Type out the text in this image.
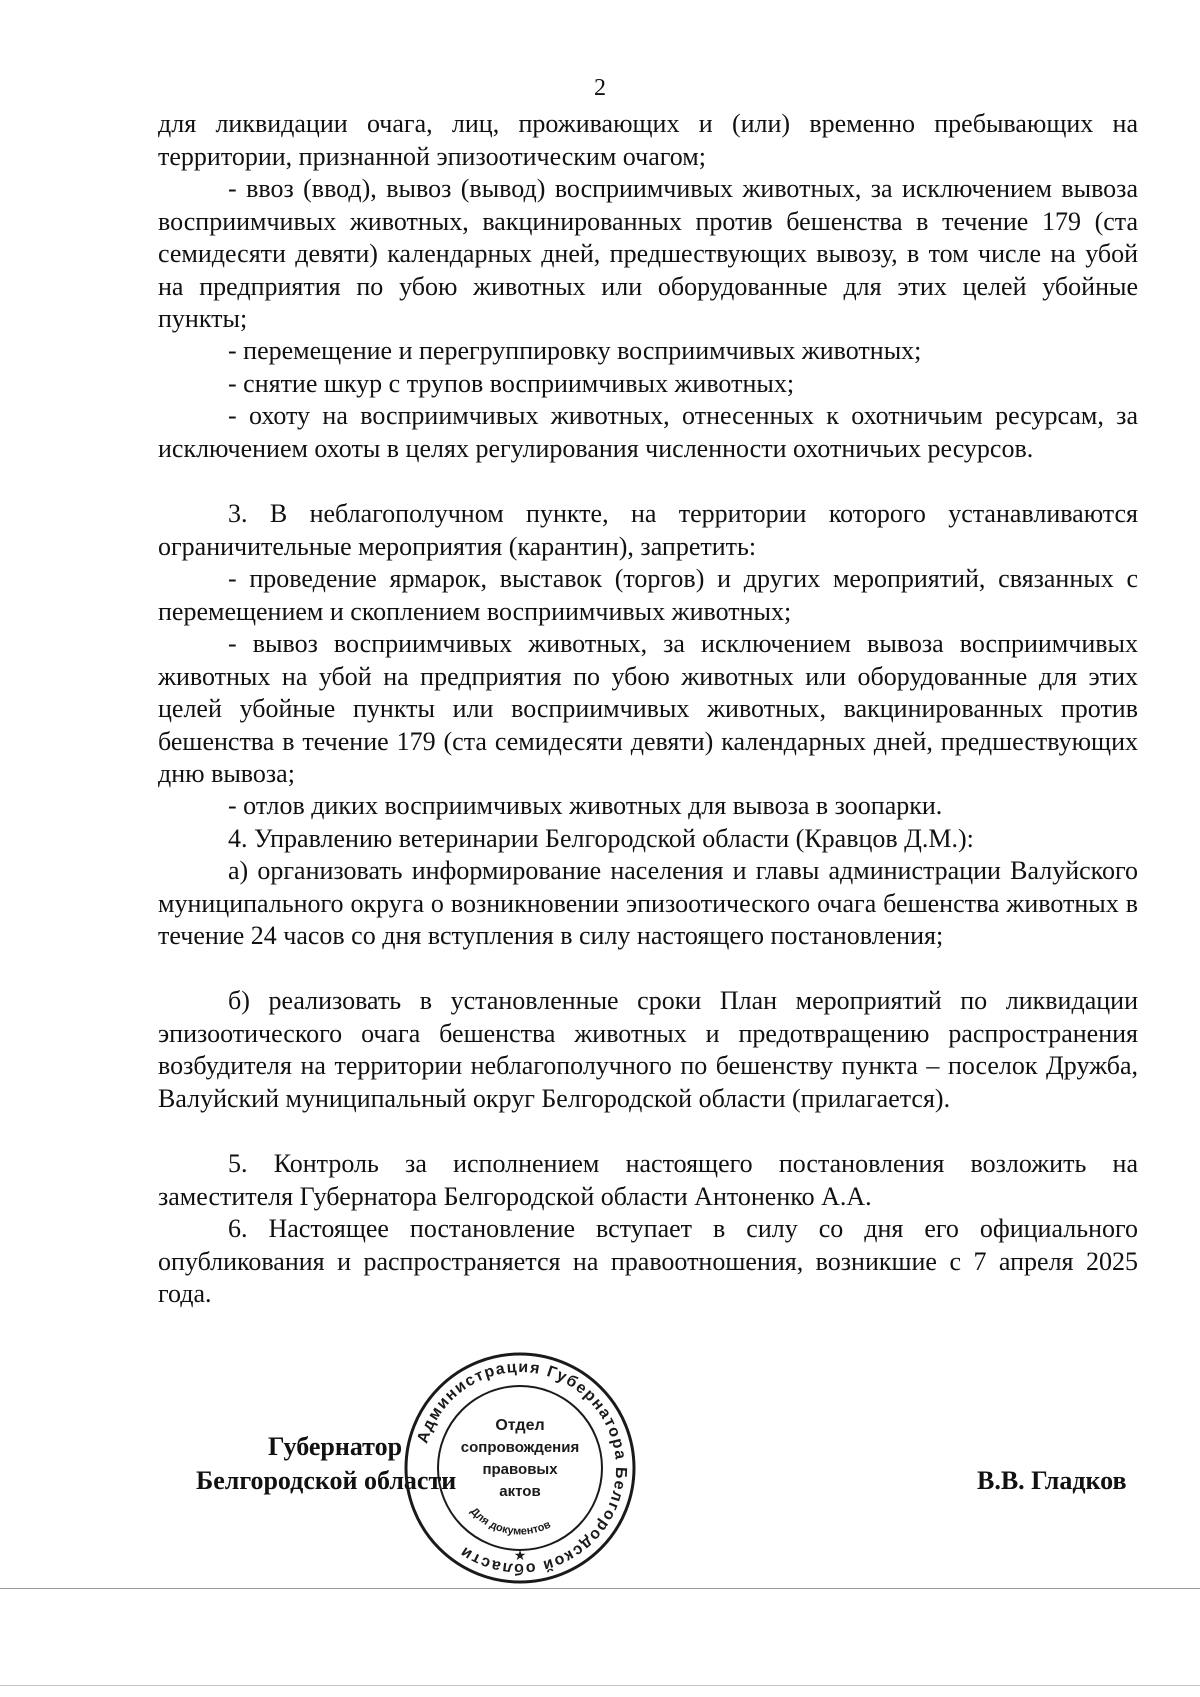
2
для ликвидации очага, лиц, проживающих и (или) временно пребывающих на территории, признанной эпизоотическим очагом;
- ввоз (ввод), вывоз (вывод) восприимчивых животных, за исключением вывоза восприимчивых животных, вакцинированных против бешенства в течение 179 (ста семидесяти девяти) календарных дней, предшествующих вывозу, в том числе на убой на предприятия по убою животных или оборудованные для этих целей убойные пункты;
- перемещение и перегруппировку восприимчивых животных;
- снятие шкур с трупов восприимчивых животных;
- охоту на восприимчивых животных, отнесенных к охотничьим ресурсам, за исключением охоты в целях регулирования численности охотничьих ресурсов.
3. В неблагополучном пункте, на территории которого устанавливаются ограничительные мероприятия (карантин), запретить:
- проведение ярмарок, выставок (торгов) и других мероприятий, связанных с перемещением и скоплением восприимчивых животных;
- вывоз восприимчивых животных, за исключением вывоза восприимчивых животных на убой на предприятия по убою животных или оборудованные для этих целей убойные пункты или восприимчивых животных, вакцинированных против бешенства в течение 179 (ста семидесяти девяти) календарных дней, предшествующих дню вывоза;
- отлов диких восприимчивых животных для вывоза в зоопарки.
4. Управлению ветеринарии Белгородской области (Кравцов Д.М.):
а) организовать информирование населения и главы администрации Валуйского муниципального округа о возникновении эпизоотического очага бешенства животных в течение 24 часов со дня вступления в силу настоящего постановления;
б) реализовать в установленные сроки План мероприятий по ликвидации эпизоотического очага бешенства животных и предотвращению распространения возбудителя на территории неблагополучного по бешенству пункта – поселок Дружба, Валуйский муниципальный округ Белгородской области (прилагается).
5. Контроль за исполнением настоящего постановления возложить на заместителя Губернатора Белгородской области Антоненко А.А.
6. Настоящее постановление вступает в силу со дня его официального опубликования и распространяется на правоотношения, возникшие с 7 апреля 2025 года.
Губернатор
Белгородской области	В.В. Гладков
Администрация Губернатора Белгородской области
Для документов
Отдел
сопровождения
правовых
актов
★
